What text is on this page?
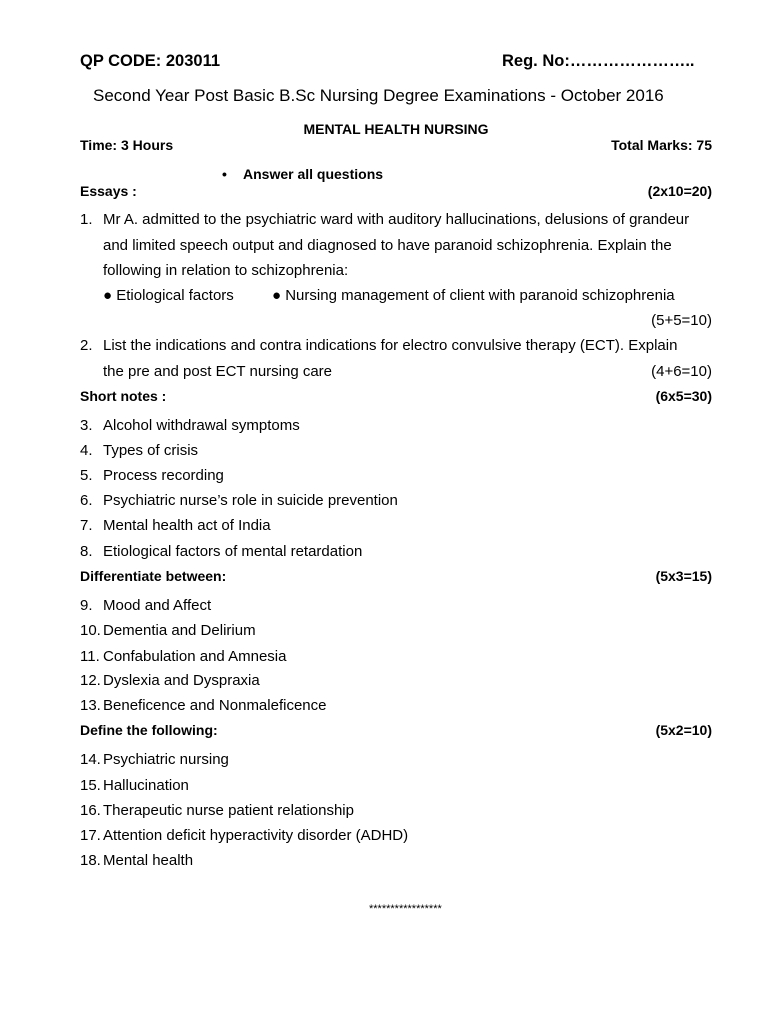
QP CODE: 203011	Reg. No:…………………..
Second Year Post Basic B.Sc Nursing Degree Examinations - October 2016
MENTAL HEALTH NURSING
Time: 3 Hours	Total Marks: 75
• Answer all questions
Essays :	(2x10=20)
1. Mr A. admitted to the psychiatric ward with auditory hallucinations, delusions of grandeur
and limited speech output and diagnosed to have paranoid schizophrenia. Explain the
following in relation to schizophrenia:
● Etiological factors	● Nursing management of client with paranoid schizophrenia
(5+5=10)
2. List the indications and contra indications for electro convulsive therapy (ECT). Explain
the pre and post ECT nursing care	(4+6=10)
Short notes :	(6x5=30)
3. Alcohol withdrawal symptoms
4. Types of crisis
5. Process recording
6. Psychiatric nurse’s role in suicide prevention
7. Mental health act of India
8. Etiological factors of mental retardation
Differentiate between:	(5x3=15)
9. Mood and Affect
10. Dementia and Delirium
11. Confabulation and Amnesia
12. Dyslexia and Dyspraxia
13. Beneficence and Nonmaleficence
Define the following:	(5x2=10)
14. Psychiatric nursing
15. Hallucination
16. Therapeutic nurse patient relationship
17. Attention deficit hyperactivity disorder (ADHD)
18. Mental health
*****************
